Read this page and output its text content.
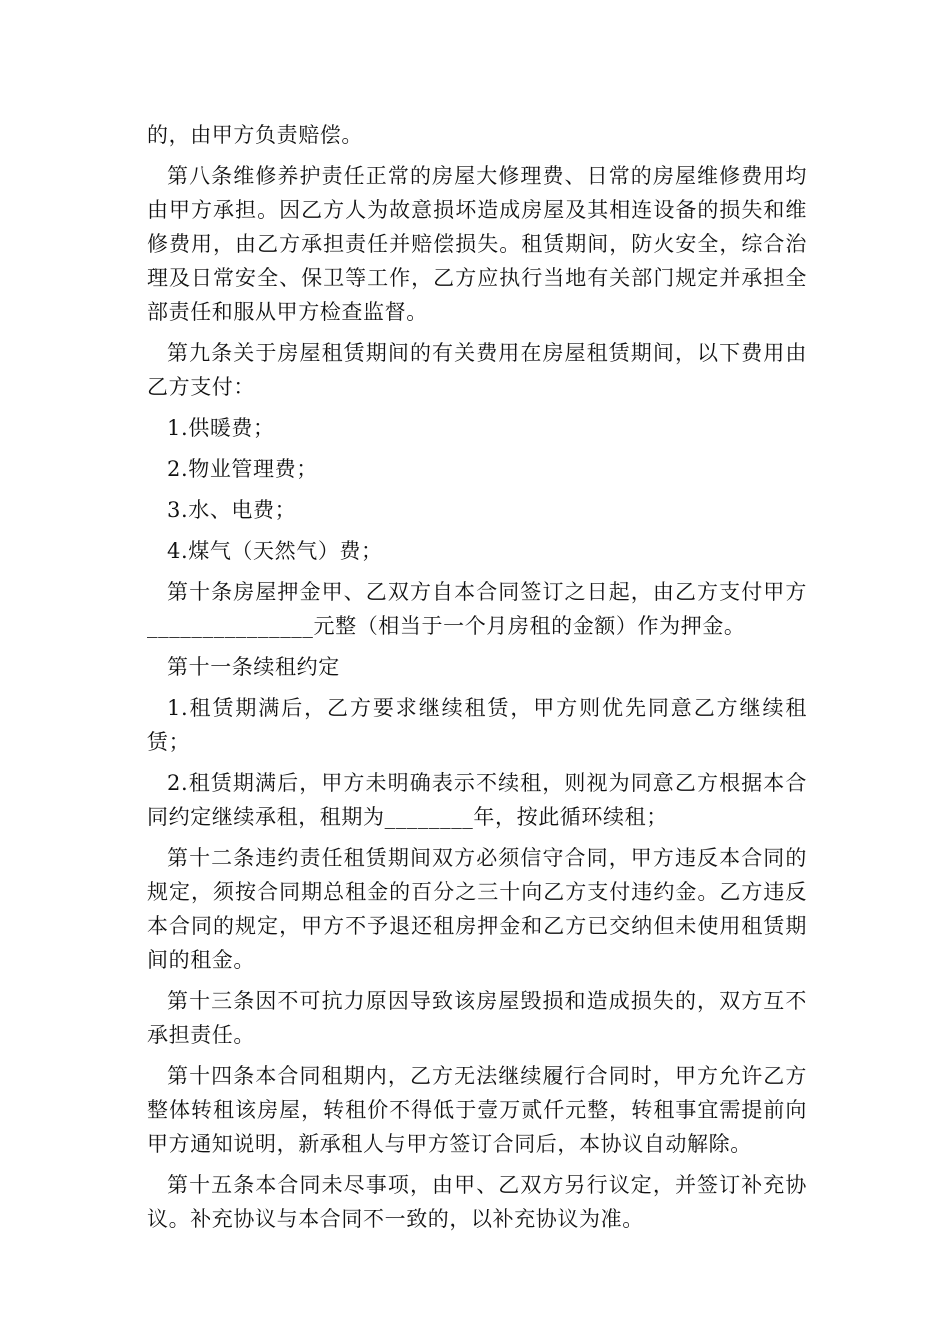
的，由甲方负责赔偿。

第八条维修养护责任正常的房屋大修理费、日常的房屋维修费用均由甲方承担。因乙方人为故意损坏造成房屋及其相连设备的损失和维修费用，由乙方承担责任并赔偿损失。租赁期间，防火安全，综合治理及日常安全、保卫等工作，乙方应执行当地有关部门规定并承担全部责任和服从甲方检查监督。

第九条关于房屋租赁期间的有关费用在房屋租赁期间，以下费用由乙方支付：

1.供暖费；

2.物业管理费；

3.水、电费；

4.煤气（天然气）费；

第十条房屋押金甲、乙双方自本合同签订之日起，由乙方支付甲方_______________元整（相当于一个月房租的金额）作为押金。

第十一条续租约定

1.租赁期满后，乙方要求继续租赁，甲方则优先同意乙方继续租赁；

2.租赁期满后，甲方未明确表示不续租，则视为同意乙方根据本合同约定继续承租，租期为________年，按此循环续租；

第十二条违约责任租赁期间双方必须信守合同，甲方违反本合同的规定，须按合同期总租金的百分之三十向乙方支付违约金。乙方违反本合同的规定，甲方不予退还租房押金和乙方已交纳但未使用租赁期间的租金。

第十三条因不可抗力原因导致该房屋毁损和造成损失的，双方互不承担责任。

第十四条本合同租期内，乙方无法继续履行合同时，甲方允许乙方整体转租该房屋，转租价不得低于壹万贰仟元整，转租事宜需提前向甲方通知说明，新承租人与甲方签订合同后，本协议自动解除。

第十五条本合同未尽事项，由甲、乙双方另行议定，并签订补充协议。补充协议与本合同不一致的，以补充协议为准。
